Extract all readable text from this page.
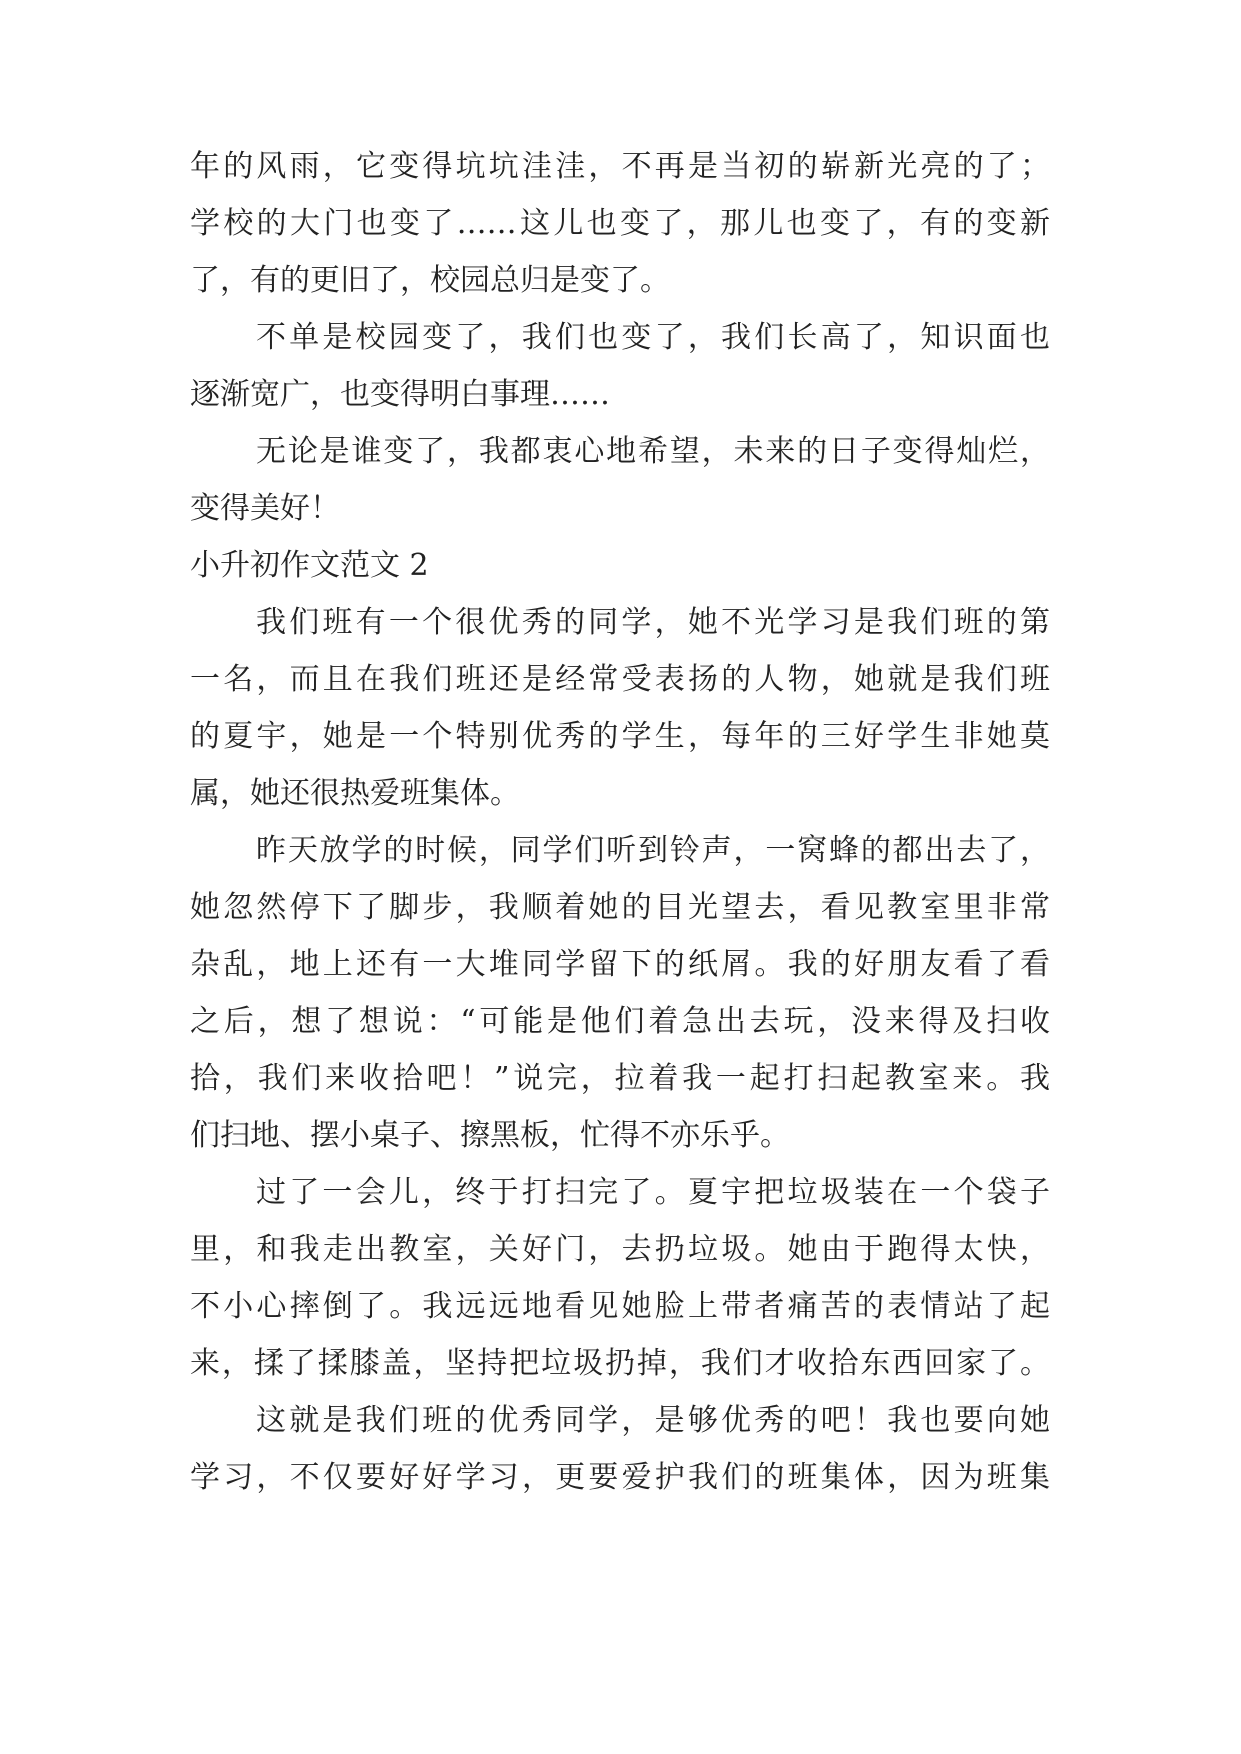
年的风雨，它变得坑坑洼洼，不再是当初的崭新光亮的了；
学校的大门也变了……这儿也变了，那儿也变了，有的变新
了，有的更旧了，校园总归是变了。
不单是校园变了，我们也变了，我们长高了，知识面也
逐渐宽广，也变得明白事理……
无论是谁变了，我都衷心地希望，未来的日子变得灿烂，
变得美好！
小升初作文范文 2
我们班有一个很优秀的同学，她不光学习是我们班的第
一名，而且在我们班还是经常受表扬的人物，她就是我们班
的夏宇，她是一个特别优秀的学生，每年的三好学生非她莫
属，她还很热爱班集体。
昨天放学的时候，同学们听到铃声，一窝蜂的都出去了，
她忽然停下了脚步，我顺着她的目光望去，看见教室里非常
杂乱，地上还有一大堆同学留下的纸屑。我的好朋友看了看
之后，想了想说：“可能是他们着急出去玩，没来得及扫收
拾，我们来收拾吧！”说完，拉着我一起打扫起教室来。我
们扫地、摆小桌子、擦黑板，忙得不亦乐乎。
过了一会儿，终于打扫完了。夏宇把垃圾装在一个袋子
里，和我走出教室，关好门，去扔垃圾。她由于跑得太快，
不小心摔倒了。我远远地看见她脸上带者痛苦的表情站了起
来，揉了揉膝盖，坚持把垃圾扔掉，我们才收拾东西回家了。
这就是我们班的优秀同学，是够优秀的吧！我也要向她
学习，不仅要好好学习，更要爱护我们的班集体，因为班集
